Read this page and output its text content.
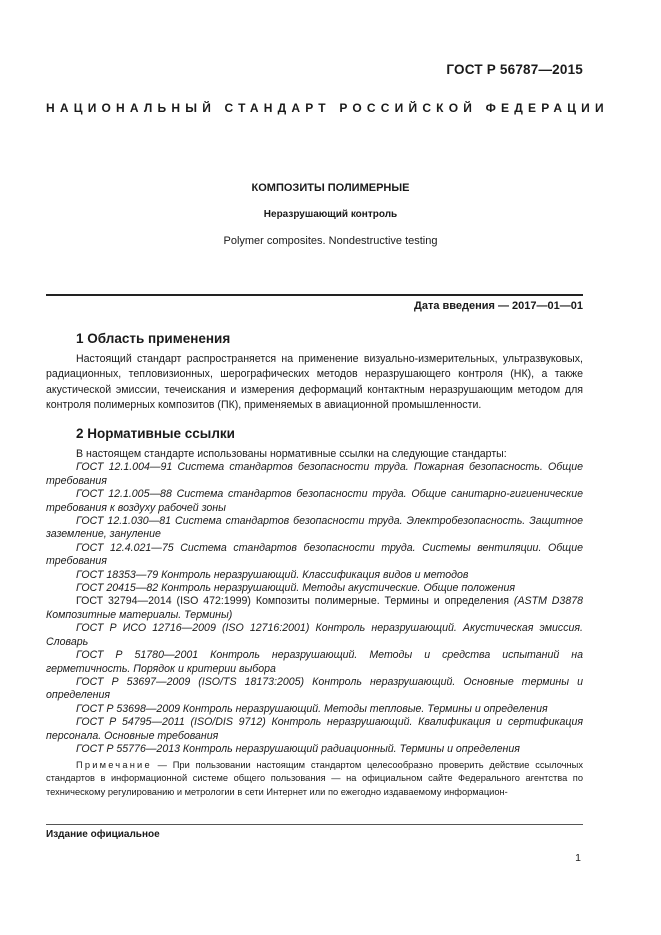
ГОСТ Р 56787—2015
НАЦИОНАЛЬНЫЙ СТАНДАРТ РОССИЙСКОЙ ФЕДЕРАЦИИ
КОМПОЗИТЫ ПОЛИМЕРНЫЕ
Неразрушающий контроль
Polymer composites. Nondestructive testing
Дата введения — 2017—01—01
1 Область применения

Настоящий стандарт распространяется на применение визуально-измерительных, ультразвуковых, радиационных, тепловизионных, шерографических методов неразрушающего контроля (НК), а также акустической эмиссии, течеискания и измерения деформаций контактным неразрушающим методом для контроля полимерных композитов (ПК), применяемых в авиационной промышленности.

2 Нормативные ссылки

В настоящем стандарте использованы нормативные ссылки на следующие стандарты:

ГОСТ 12.1.004—91 Система стандартов безопасности труда. Пожарная безопасность. Общие требования

ГОСТ 12.1.005—88 Система стандартов безопасности труда. Общие санитарно-гигиенические требования к воздуху рабочей зоны

ГОСТ 12.1.030—81 Система стандартов безопасности труда. Электробезопасность. Защитное заземление, зануление

ГОСТ 12.4.021—75 Система стандартов безопасности труда. Системы вентиляции. Общие требования

ГОСТ 18353—79 Контроль неразрушающий. Классификация видов и методов

ГОСТ 20415—82 Контроль неразрушающий. Методы акустические. Общие положения

ГОСТ 32794—2014 (ISO 472:1999) Композиты полимерные. Термины и определения (ASTM D3878 Композитные материалы. Термины)

ГОСТ Р ИСО 12716—2009 (ISO 12716:2001) Контроль неразрушающий. Акустическая эмиссия. Словарь

ГОСТ Р 51780—2001 Контроль неразрушающий. Методы и средства испытаний на герметичность. Порядок и критерии выбора

ГОСТ Р 53697—2009 (ISO/TS 18173:2005) Контроль неразрушающий. Основные термины и определения

ГОСТ Р 53698—2009 Контроль неразрушающий. Методы тепловые. Термины и определения

ГОСТ Р 54795—2011 (ISO/DIS 9712) Контроль неразрушающий. Квалификация и сертификация персонала. Основные требования

ГОСТ Р 55776—2013 Контроль неразрушающий радиационный. Термины и определения

Примечание — При пользовании настоящим стандартом целесообразно проверить действие ссылочных стандартов в информационной системе общего пользования — на официальном сайте Федерального агентства по техническому регулированию и метрологии в сети Интернет или по ежегодно издаваемому информацион-

Издание официальное
1
